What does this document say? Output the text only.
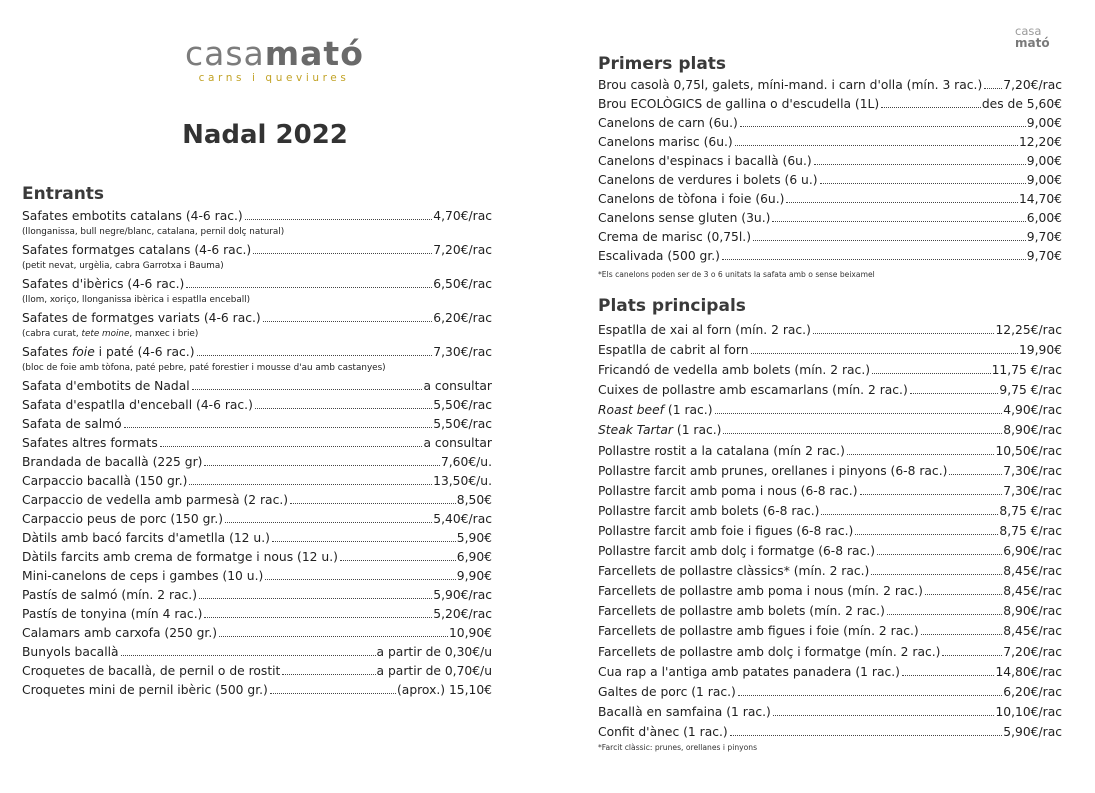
casamató
carns i queviures
casa
mató
Nadal 2022
Entrants
Safates embotits catalans (4-6 rac.)	4,70€/rac
(llonganissa, bull negre/blanc, catalana, pernil dolç natural)
Safates formatges catalans (4-6 rac.)	7,20€/rac
(petit nevat, urgèlia, cabra Garrotxa i Bauma)
Safates d'ibèrics (4-6 rac.)	6,50€/rac
(llom, xoriço, llonganissa ibèrica i espatlla enceball)
Safates de formatges variats (4-6 rac.)	6,20€/rac
(cabra curat, tete moine, manxec i brie)
Safates foie i paté (4-6 rac.)	7,30€/rac
(bloc de foie amb tòfona, paté pebre, paté forestier i mousse d'au amb castanyes)
Safata d'embotits de Nadal	a consultar
Safata d'espatlla d'enceball (4-6 rac.)	5,50€/rac
Safata de salmó	5,50€/rac
Safates altres formats	a consultar
Brandada de bacallà (225 gr)	7,60€/u.
Carpaccio bacallà (150 gr.)	13,50€/u.
Carpaccio de vedella amb parmesà (2 rac.)	8,50€
Carpaccio peus de porc (150 gr.)	5,40€/rac
Dàtils amb bacó farcits d'ametlla (12 u.)	5,90€
Dàtils farcits amb crema de formatge i nous (12 u.)	6,90€
Mini-canelons de ceps i gambes (10 u.)	9,90€
Pastís de salmó (mín. 2 rac.)	5,90€/rac
Pastís de tonyina (mín 4 rac.)	5,20€/rac
Calamars amb carxofa (250 gr.)	10,90€
Bunyols bacallà	a partir de 0,30€/u
Croquetes de bacallà, de pernil o de rostit	a partir de 0,70€/u
Croquetes mini de pernil ibèric (500 gr.)	(aprox.) 15,10€
Primers plats
Brou casolà 0,75l, galets, míni-mand. i carn d'olla (mín. 3 rac.) 7,20€/rac
Brou ECOLÒGICS de gallina o d'escudella (1L)	des de 5,60€
Canelons de carn (6u.)	9,00€
Canelons marisc (6u.)	12,20€
Canelons d'espinacs i bacallà (6u.)	9,00€
Canelons de verdures i bolets (6 u.)	9,00€
Canelons de tòfona i foie (6u.)	14,70€
Canelons sense gluten (3u.)	6,00€
Crema de marisc (0,75l.)	9,70€
Escalivada (500 gr.)	9,70€
*Els canelons poden ser de 3 o 6 unitats la safata amb o sense beixamel
Plats principals
Espatlla de xai al forn (mín. 2 rac.)	12,25€/rac
Espatlla de cabrit al forn	19,90€
Fricandó de vedella amb bolets (mín. 2 rac.)	11,75 €/rac
Cuixes de pollastre amb escamarlans (mín. 2 rac.)	9,75 €/rac
Roast beef (1 rac.)	4,90€/rac
Steak Tartar (1 rac.)	8,90€/rac
Pollastre rostit a la catalana (mín 2 rac.)	10,50€/rac
Pollastre farcit amb prunes, orellanes i pinyons (6-8 rac.)	7,30€/rac
Pollastre farcit amb poma i nous (6-8 rac.)	7,30€/rac
Pollastre farcit amb bolets (6-8 rac.)	8,75 €/rac
Pollastre farcit amb foie i figues (6-8 rac.)	8,75 €/rac
Pollastre farcit amb dolç i formatge (6-8 rac.)	6,90€/rac
Farcellets de pollastre clàssics* (mín. 2 rac.)	8,45€/rac
Farcellets de pollastre amb poma i nous (mín. 2 rac.)	8,45€/rac
Farcellets de pollastre amb bolets (mín. 2 rac.)	8,90€/rac
Farcellets de pollastre amb figues i foie (mín. 2 rac.)	8,45€/rac
Farcellets de pollastre amb dolç i formatge (mín. 2 rac.)	7,20€/rac
Cua rap a l'antiga amb patates panadera (1 rac.)	14,80€/rac
Galtes de porc (1 rac.)	6,20€/rac
Bacallà en samfaina (1 rac.)	10,10€/rac
Confit d'ànec (1 rac.)	5,90€/rac
*Farcit clàssic: prunes, orellanes i pinyons
